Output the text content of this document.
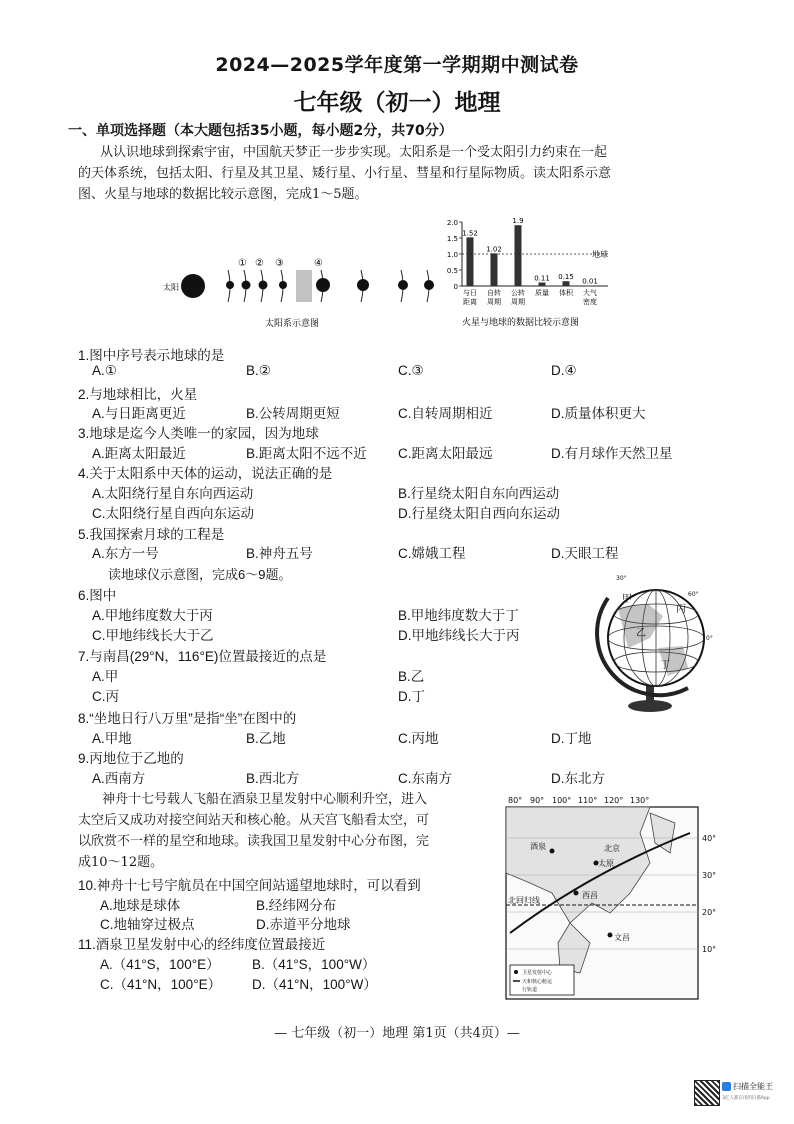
2024—2025学年度第一学期期中测试卷
七年级（初一）地理
一、单项选择题（本大题包括35小题，每小题2分，共70分）
从认识地球到探索宇宙，中国航天梦正一步步实现。太阳系是一个受太阳引力约束在一起
的天体系统，包括太阳、行星及其卫星、矮行星、小行星、彗星和行星际物质。读太阳系示意
图、火星与地球的数据比较示意图，完成1～5题。
太阳
① ② ③	④
太阳系示意图
0
0.5
1.0
1.5
2.0
1.52
1.02
1.9
0.11 0.15
0.01
与日
距离
自转
周期
公转
周期
质量 体积 大气
密度
地球
火星与地球的数据比较示意图
1.图中序号表示地球的是
A.①	B.②	C.③	D.④
2.与地球相比，火星
A.与日距离更近	B.公转周期更短	C.自转周期相近	D.质量体积更大
3.地球是迄今人类唯一的家园，因为地球
A.距离太阳最近	B.距离太阳不远不近 C.距离太阳最远	D.有月球作天然卫星
4.关于太阳系中天体的运动，说法正确的是
A.太阳绕行星自东向西运动	B.行星绕太阳自东向西运动
C.太阳绕行星自西向东运动	D.行星绕太阳自西向东运动
5.我国探索月球的工程是
A.东方一号	B.神舟五号	C.嫦娥工程	D.天眼工程
读地球仪示意图，完成6～9题。
6.图中
A.甲地纬度数大于丙	B.甲地纬度数大于丁
C.甲地纬线长大于乙	D.甲地纬线长大于丙
7.与南昌(29°N，116°E)位置最接近的点是
A.甲	B.乙
C.丙	D.丁
8.“坐地日行八万里”是指“坐”在图中的
A.甲地	B.乙地	C.丙地	D.丁地
9.丙地位于乙地的
A.西南方	B.西北方	C.东南方	D.东北方
甲
乙
丙
丁
30°
60°
0°
神舟十七号载人飞船在酒泉卫星发射中心顺利升空，进入
太空后又成功对接空间站天和核心舱。从天宫飞船看太空，可
以欣赏不一样的星空和地球。读我国卫星发射中心分布图，完
成10～12题。
80° 90° 100° 110° 120° 130°
40°
30°
20°
10°
酒泉	北京
太原
西昌
文昌
北回归线
卫星发射中心
天和核心舱运
行轨道
10.神舟十七号宇航员在中国空间站遥望地球时，可以看到
A.地球是球体	B.经纬网分布
C.地轴穿过极点	D.赤道平分地球
11.酒泉卫星发射中心的经纬度位置最接近
A.（41°S，100°E） B.（41°S，100°W）
C.（41°N，100°E） D.（41°N，100°W）
— 七年级（初一）地理 第1页（共4页）—
扫描全能王
3亿人都在用的扫描App
